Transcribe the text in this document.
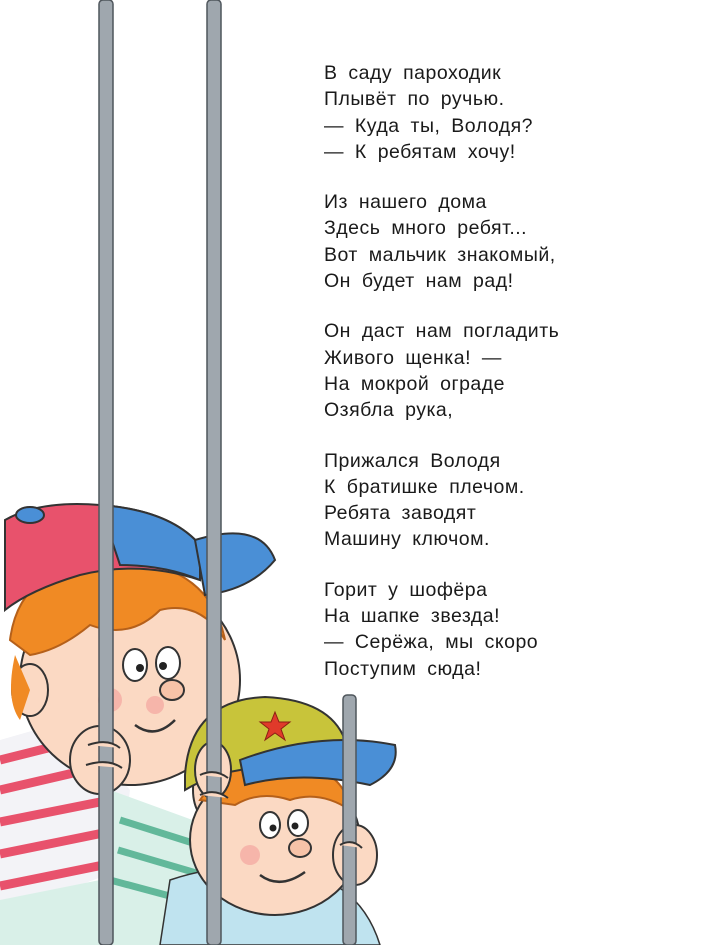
В саду пароходик
Плывёт по ручью.
— Куда ты, Володя?
— К ребятам хочу!
Из нашего дома
Здесь много ребят...
Вот мальчик знакомый,
Он будет нам рад!
Он даст нам погладить
Живого щенка! —
На мокрой ограде
Озябла рука,
Прижался Володя
К братишке плечом.
Ребята заводят
Машину ключом.
Горит у шофёра
На шапке звезда!
— Серёжа, мы скоро
Поступим сюда!
